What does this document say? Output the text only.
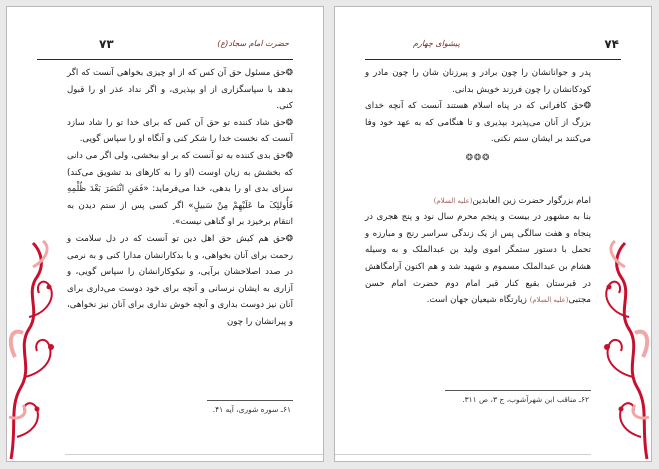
۷۳	حضرت امام سجاد(ع)

❂حق مسئول حق آن کس که از او چیزی بخواهی آنست که اگر بدهد با سپاسگزاری از او بپذیری، و اگر نداد عذر او را قبول کنی.

❂حق شاد کننده تو حق آن کس که برای خدا تو را شاد سازد آنست که نخست خدا را شکر کنی و آنگاه او را سپاس گویی.

❂حق بدی کننده به تو آنست که بر او ببخشی، ولی اگر می دانی که بخشش به زیان اوست (او را به کارهای بد تشویق می‌کند) سزای بدی او را بدهی، خدا می‌فرماید: «فَمَنِ انْتَصَرَ بَعْدَ ظُلْمِهِ فَأُولئِکَ ما عَلَیْهِمْ مِنْ سَبیلٍ» اگر کسی پس از ستم دیدن به انتقام برخیزد بر او گناهی نیست».

❂حق هم کیش حق اهل دین تو آنست که در دل سلامت و رحمت برای آنان بخواهی، و با بدکارانشان مدارا کنی و به نرمی در صدد اصلاحشان برآیی، و نیکوکارانشان را سپاس گویی، و آزاری به ایشان نرسانی و آنچه برای خود دوست می‌داری برای آنان نیز دوست بداری و آنچه خوش نداری برای آنان نیز نخواهی، و پیرانشان را چون

۶۱ـ سوره شوری، آیه ۴۱.
۷۴
پیشوای چهارم

پدر و جوانانشان را چون برادر و پیرزنان شان را چون مادر و کودکانشان را چون فرزند خویش بدانی.

❂حق کافرانی که در پناه اسلام هستند آنست که آنچه خدای بزرگ از آنان می‌پذیرد بپذیری و تا هنگامی که به عهد خود وفا می‌کنند بر ایشان ستم نکنی.

❂❂❂

امام بزرگوار حضرت زین العابدین(علیه السلام)

بنا به مشهور در بیست و پنجم محرم سال نود و پنج هجری در پنجاه و هفت سالگی پس از یک زندگی سراسر رنج و مبارزه و تحمل با دستور ستمگر اموی ولید بن عبدالملک و به وسیله هشام بن عبدالملک مسموم و شهید شد و هم اکنون آرامگاهش در قبرستان بقیع کنار قبر امام دوم حضرت امام حسن مجتبی(علیه السلام) زیارتگاه شیعیان جهان است.

۶۲ـ مناقب ابن شهرآشوب، ج ۳، ص ۳۱۱.
